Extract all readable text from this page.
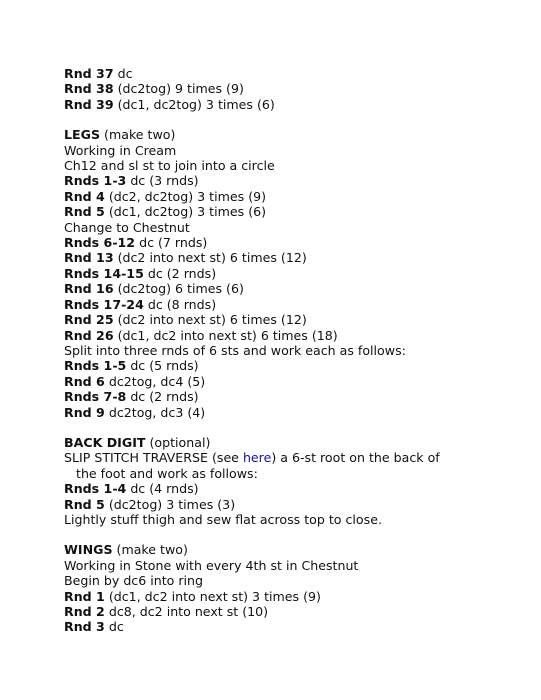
Rnd 37 dc
Rnd 38 (dc2tog) 9 times (9)
Rnd 39 (dc1, dc2tog) 3 times (6)
LEGS (make two)
Working in Cream
Ch12 and sl st to join into a circle
Rnds 1-3 dc (3 rnds)
Rnd 4 (dc2, dc2tog) 3 times (9)
Rnd 5 (dc1, dc2tog) 3 times (6)
Change to Chestnut
Rnds 6-12 dc (7 rnds)
Rnd 13 (dc2 into next st) 6 times (12)
Rnds 14-15 dc (2 rnds)
Rnd 16 (dc2tog) 6 times (6)
Rnds 17-24 dc (8 rnds)
Rnd 25 (dc2 into next st) 6 times (12)
Rnd 26 (dc1, dc2 into next st) 6 times (18)
Split into three rnds of 6 sts and work each as follows:
Rnds 1-5 dc (5 rnds)
Rnd 6 dc2tog, dc4 (5)
Rnds 7-8 dc (2 rnds)
Rnd 9 dc2tog, dc3 (4)
BACK DIGIT (optional)
SLIP STITCH TRAVERSE (see here) a 6-st root on the back of
the foot and work as follows:
Rnds 1-4 dc (4 rnds)
Rnd 5 (dc2tog) 3 times (3)
Lightly stuff thigh and sew flat across top to close.
WINGS (make two)
Working in Stone with every 4th st in Chestnut
Begin by dc6 into ring
Rnd 1 (dc1, dc2 into next st) 3 times (9)
Rnd 2 dc8, dc2 into next st (10)
Rnd 3 dc
